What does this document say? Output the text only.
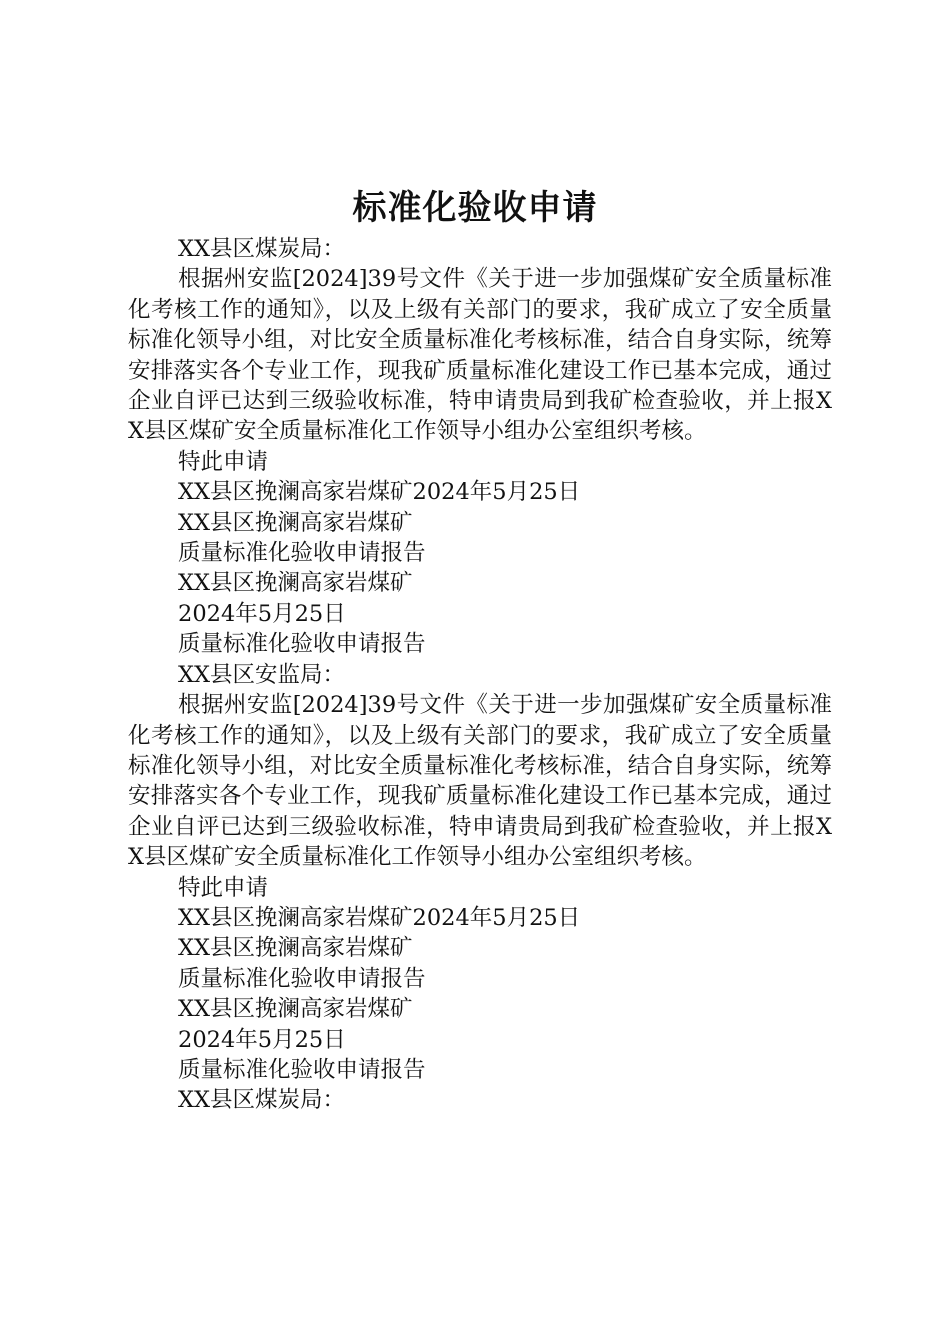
标准化验收申请
XX县区煤炭局：
根据州安监[2024]39号文件《关于进一步加强煤矿安全质量标准化考核工作的通知》，以及上级有关部门的要求，我矿成立了安全质量标准化领导小组，对比安全质量标准化考核标准，结合自身实际，统筹安排落实各个专业工作，现我矿质量标准化建设工作已基本完成，通过企业自评已达到三级验收标准，特申请贵局到我矿检查验收，并上报XX县区煤矿安全质量标准化工作领导小组办公室组织考核。
特此申请
XX县区挽澜高家岩煤矿2024年5月25日
XX县区挽澜高家岩煤矿
质量标准化验收申请报告
XX县区挽澜高家岩煤矿
2024年5月25日
质量标准化验收申请报告
XX县区安监局：
根据州安监[2024]39号文件《关于进一步加强煤矿安全质量标准化考核工作的通知》，以及上级有关部门的要求，我矿成立了安全质量标准化领导小组，对比安全质量标准化考核标准，结合自身实际，统筹安排落实各个专业工作，现我矿质量标准化建设工作已基本完成，通过企业自评已达到三级验收标准，特申请贵局到我矿检查验收，并上报XX县区煤矿安全质量标准化工作领导小组办公室组织考核。
特此申请
XX县区挽澜高家岩煤矿2024年5月25日
XX县区挽澜高家岩煤矿
质量标准化验收申请报告
XX县区挽澜高家岩煤矿
2024年5月25日
质量标准化验收申请报告
XX县区煤炭局：
